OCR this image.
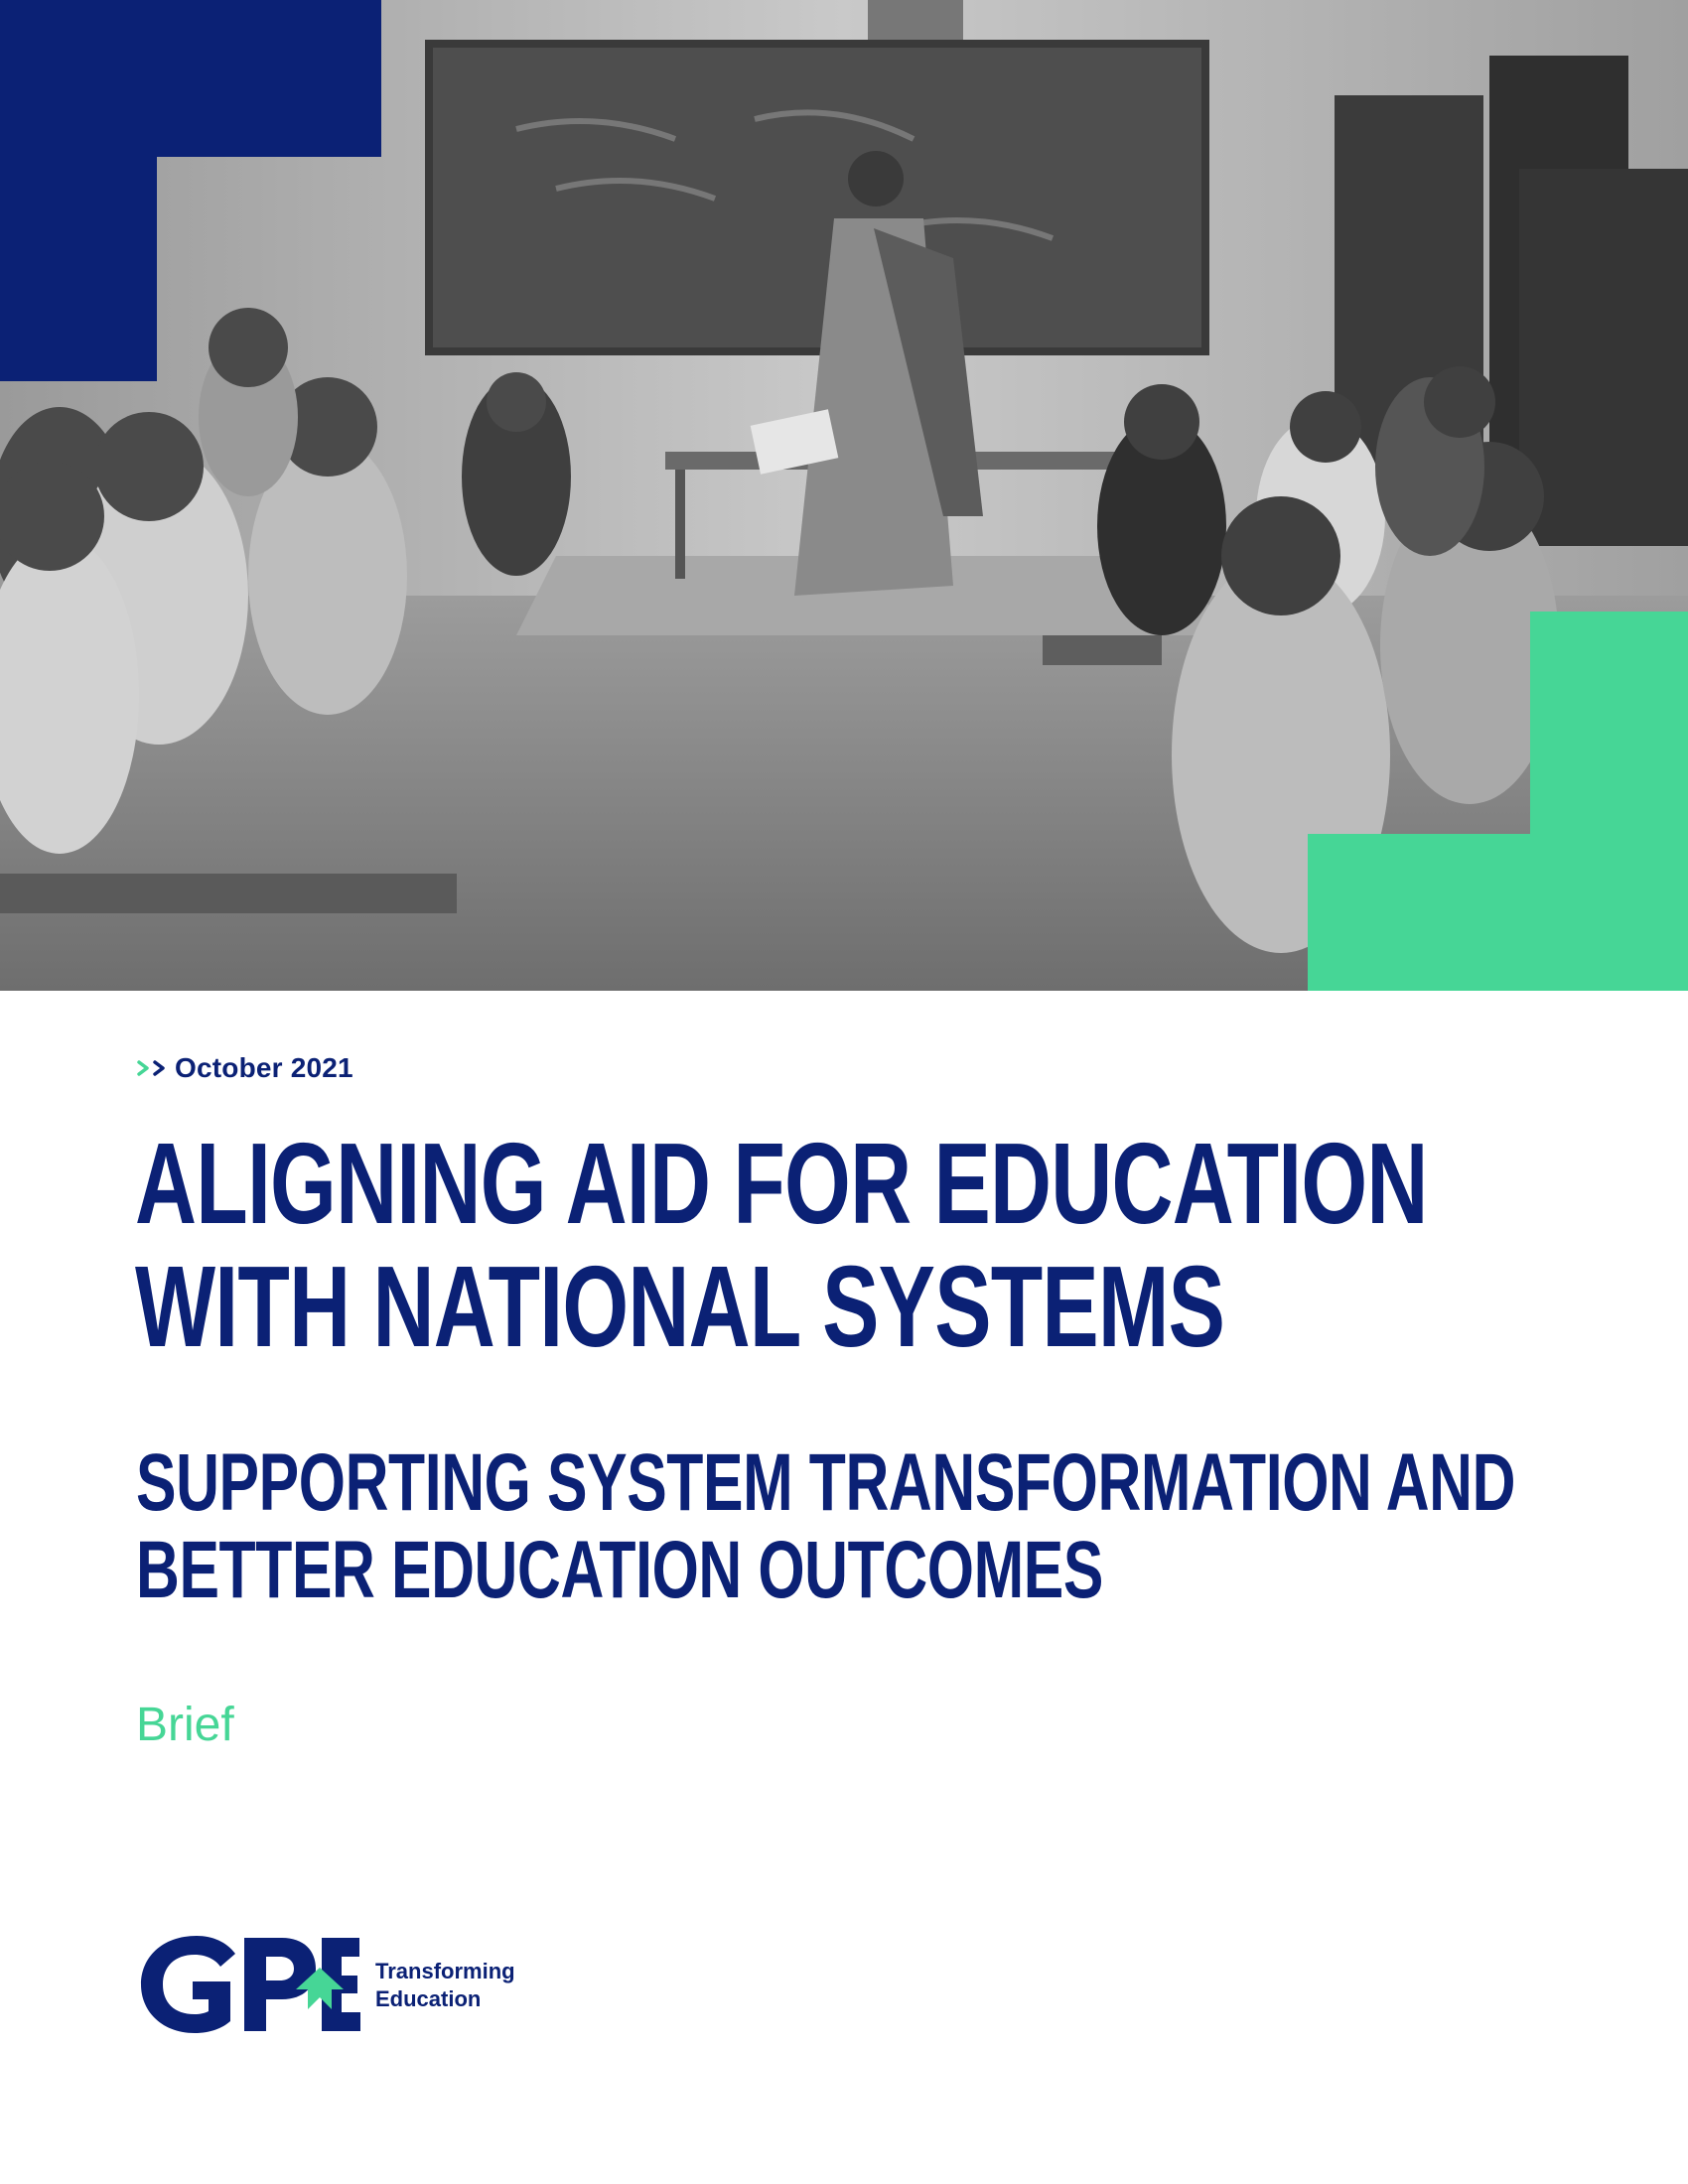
October 2021
ALIGNING AID FOR EDUCATION WITH NATIONAL SYSTEMS
SUPPORTING SYSTEM TRANSFORMATION AND BETTER EDUCATION OUTCOMES
Brief
Transforming
Education
